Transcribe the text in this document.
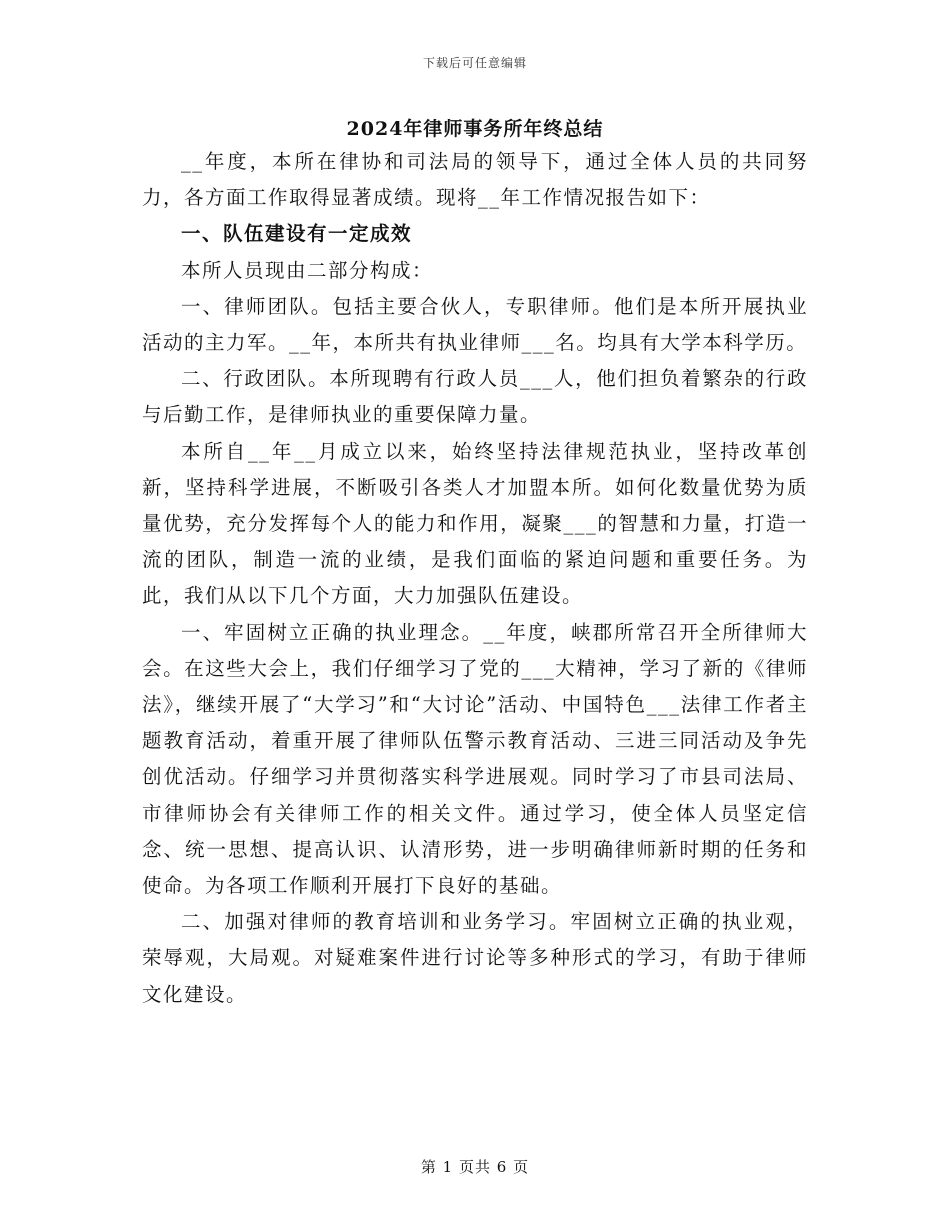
下载后可任意编辑
2024年律师事务所年终总结

__年度，本所在律协和司法局的领导下，通过全体人员的共同努力，各方面工作取得显著成绩。现将__年工作情况报告如下：

一、队伍建设有一定成效

本所人员现由二部分构成：

一、律师团队。包括主要合伙人，专职律师。他们是本所开展执业活动的主力军。__年，本所共有执业律师___名。均具有大学本科学历。

二、行政团队。本所现聘有行政人员___人，他们担负着繁杂的行政与后勤工作，是律师执业的重要保障力量。

本所自__年__月成立以来，始终坚持法律规范执业，坚持改革创新，坚持科学进展，不断吸引各类人才加盟本所。如何化数量优势为质量优势，充分发挥每个人的能力和作用，凝聚___的智慧和力量，打造一流的团队，制造一流的业绩，是我们面临的紧迫问题和重要任务。为此，我们从以下几个方面，大力加强队伍建设。

一、牢固树立正确的执业理念。__年度，峡郡所常召开全所律师大会。在这些大会上，我们仔细学习了党的___大精神，学习了新的《律师法》，继续开展了“大学习”和“大讨论”活动、中国特色___法律工作者主题教育活动，着重开展了律师队伍警示教育活动、三进三同活动及争先创优活动。仔细学习并贯彻落实科学进展观。同时学习了市县司法局、市律师协会有关律师工作的相关文件。通过学习，使全体人员坚定信念、统一思想、提高认识、认清形势，进一步明确律师新时期的任务和使命。为各项工作顺利开展打下良好的基础。

二、加强对律师的教育培训和业务学习。牢固树立正确的执业观，荣辱观，大局观。对疑难案件进行讨论等多种形式的学习，有助于律师文化建设。

第 1 页共 6 页
